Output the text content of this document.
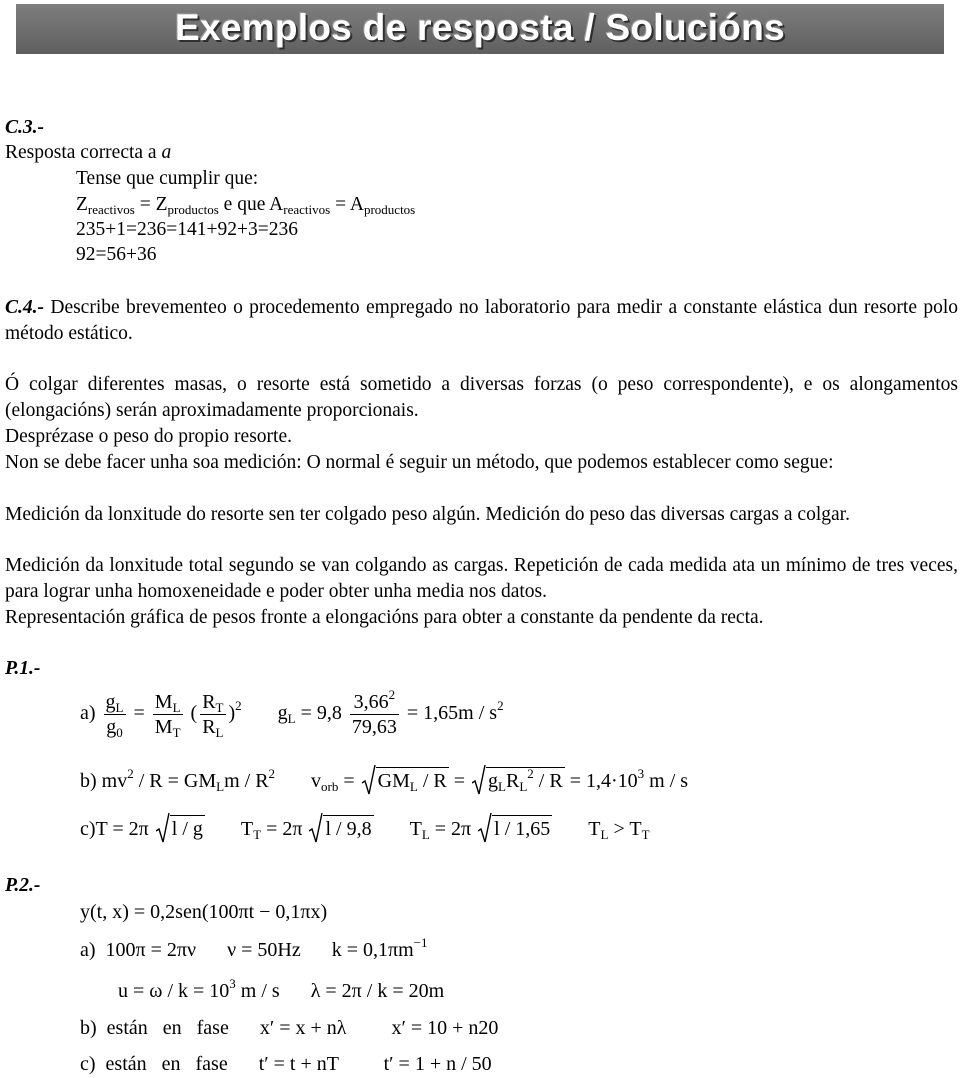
Exemplos de resposta / Solucións
C.3.-
Resposta correcta a a
Tense que cumplir que:
$Z_{reactivos} = Z_{productos}$ e que $A_{reactivos} = A_{productos}$
235+1=236=141+92+3=236
92=56+36
C.4.- Describe brevementeo o procedemento empregado no laboratorio para medir a constante elástica dun resorte polo método estático.
Ó colgar diferentes masas, o resorte está sometido a diversas forzas (o peso correspondente), e os alongamentos (elongacións) serán aproximadamente proporcionais.
Desprézase o peso do propio resorte.
Non se debe facer unha soa medición: O normal é seguir un método, que podemos establecer como segue:
Medición da lonxitude do resorte sen ter colgado peso algún. Medición do peso das diversas cargas a colgar.
Medición da lonxitude total segundo se van colgando as cargas. Repetición de cada medida ata un mínimo de tres veces, para lograr unha homoxeneidade e poder obter unha media nos datos.
Representación gráfica de pesos fronte a elongacións para obter a constante da pendente da recta.
P.1.-
$a) \frac{g_L}{g_0} = \frac{M_L}{M_T}$ ( $\frac{R_T}{R_L} )^2$ $g_L = 9,8 \frac{3,66^2}{79,63} = 1,65m / s^2$
b) $mv^2 / R = GM_Lm / R^2$ $v_{orb}$ =
$GM_L$ / R =
$g_LR_L^2 / R = 1,4\cdot 10^3$ m / s
c)T = 2π l / g $T_T = 2\pi$ l / 9,8 $T_L = 2\pi$ l / 1,65 $T_L > T_T$
P.2.-
y(t, x) = 0,2sen(100πt − 0,1πx)
a) 100π = 2πν ν = 50Hz $k = 0,1\pi m^{-1}$
$u = \omega / k = 10^3$ m / s λ = 2π / k = 20m
b) están   en   fase x′ = x + nλ x′ = 10 + n20
c) están   en   fase t′ = t + nT t′ = 1 + n / 50
